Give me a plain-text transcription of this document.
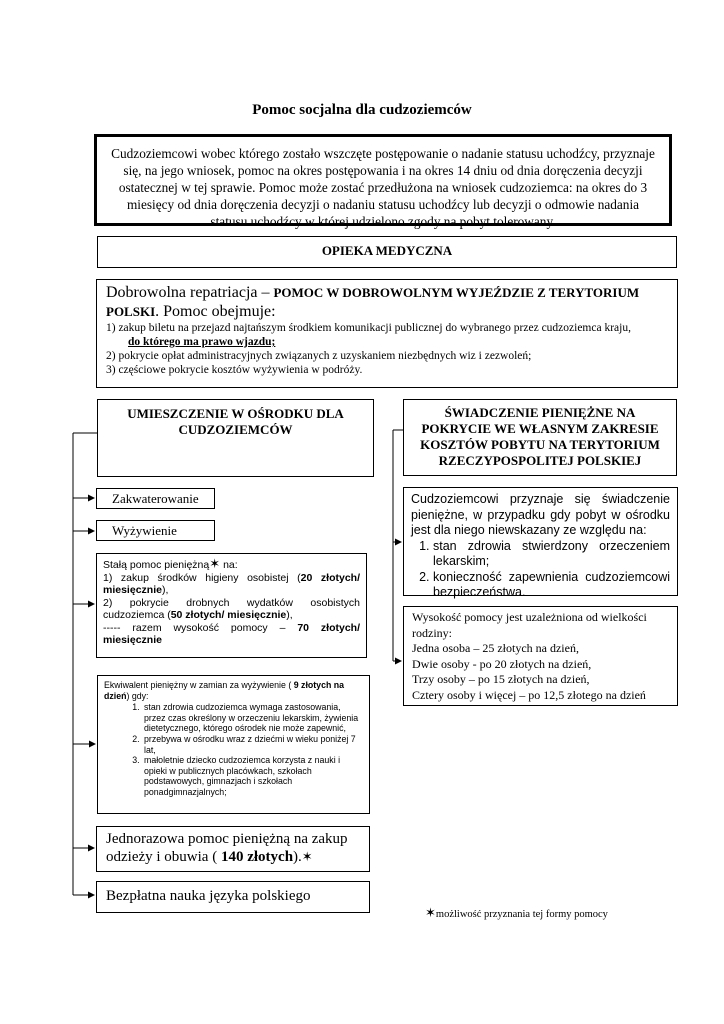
Pomoc socjalna dla cudzoziemców
Cudzoziemcowi wobec którego zostało wszczęte postępowanie o nadanie statusu uchodźcy, przyznaje się, na jego wniosek, pomoc na okres postępowania i na okres 14 dniu od dnia doręczenia decyzji ostatecznej w tej sprawie. Pomoc może zostać przedłużona na wniosek cudzoziemca: na okres do 3 miesięcy od dnia doręczenia decyzji o nadaniu statusu uchodźcy lub decyzji o odmowie nadania statusu uchodźcy w której udzielono zgody na pobyt tolerowany.
OPIEKA MEDYCZNA
Dobrowolna repatriacja – POMOC W DOBROWOLNYM WYJEŹDZIE Z TERYTORIUM POLSKI. Pomoc obejmuje:
1) zakup biletu na przejazd najtańszym środkiem komunikacji publicznej do wybranego przez cudzoziemca kraju,
do którego ma prawo wjazdu;
2) pokrycie opłat administracyjnych związanych z uzyskaniem niezbędnych wiz i zezwoleń;
3) częściowe pokrycie kosztów wyżywienia w podróży.
UMIESZCZENIE W OŚRODKU DLA CUDZOZIEMCÓW
ŚWIADCZENIE PIENIĘŻNE NA POKRYCIE WE WŁASNYM ZAKRESIE KOSZTÓW POBYTU NA TERYTORIUM RZECZYPOSPOLITEJ POLSKIEJ
Zakwaterowanie
Wyżywienie
Stałą pomoc pieniężną✶ na:
1) zakup środków higieny osobistej (20 złotych/ miesięcznie),
2) pokrycie drobnych wydatków osobistych cudzoziemca (50 złotych/ miesięcznie),
----- razem wysokość pomocy – 70 złotych/ miesięcznie
Ekwiwalent pieniężny w zamian za wyżywienie ( 9 złotych na dzień) gdy:
1. stan zdrowia cudzoziemca wymaga zastosowania, przez czas określony w orzeczeniu lekarskim, żywienia dietetycznego, którego ośrodek nie może zapewnić,
2. przebywa w ośrodku wraz z dziećmi w wieku poniżej 7 lat,
3. małoletnie dziecko cudzoziemca korzysta z nauki i opieki w publicznych placówkach, szkołach podstawowych, gimnazjach i szkołach ponadgimnazjalnych;
Jednorazowa pomoc pieniężną na zakup odzieży i obuwia ( 140 złotych).✶
Bezpłatna nauka języka polskiego
Cudzoziemcowi przyznaje się świadczenie pieniężne, w przypadku gdy pobyt w ośrodku jest dla niego niewskazany ze względu na:
1. stan zdrowia stwierdzony orzeczeniem lekarskim;
2. konieczność zapewnienia cudzoziemcowi bezpieczeństwa.
Wysokość pomocy jest uzależniona od wielkości rodziny:
Jedna osoba – 25 złotych na dzień,
Dwie osoby - po 20 złotych na dzień,
Trzy osoby – po 15 złotych na dzień,
Cztery osoby i więcej – po 12,5 złotego na dzień
✶możliwość przyznania tej formy pomocy
